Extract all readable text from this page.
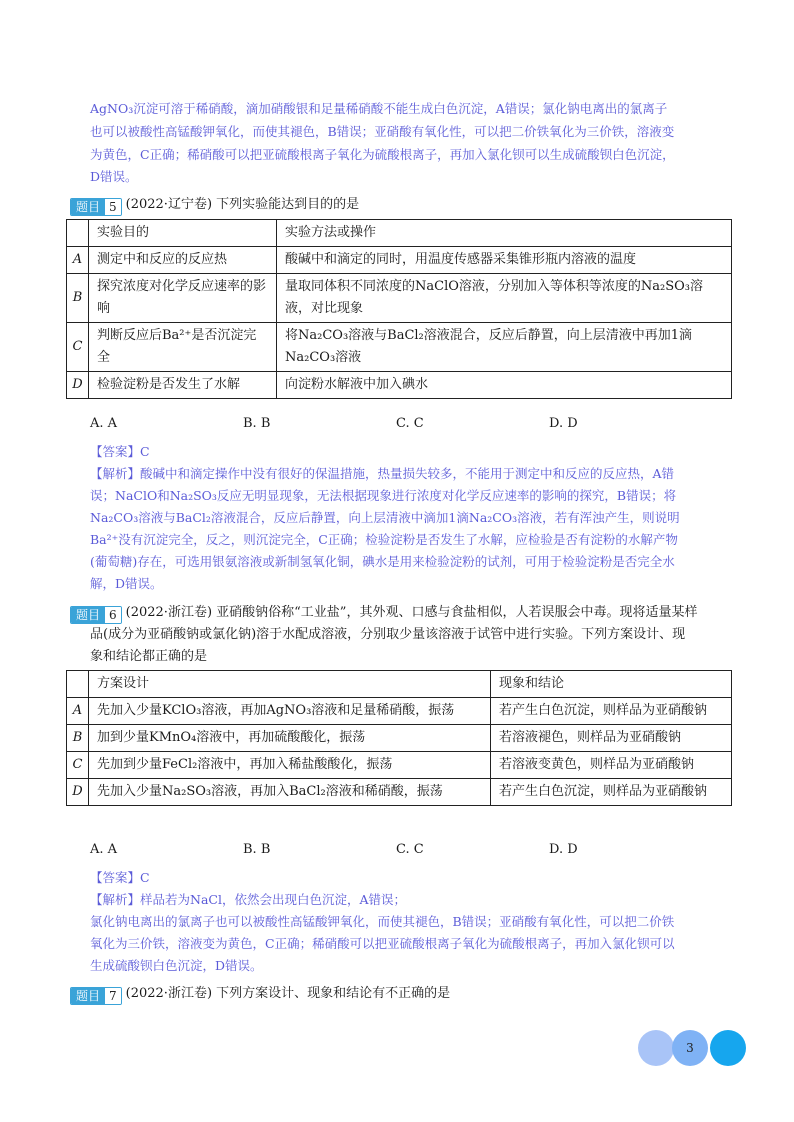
AgNO₃沉淀可溶于稀硝酸，滴加硝酸银和足量稀硝酸不能生成白色沉淀，A错误；氯化钠电离出的氯离子
也可以被酸性高锰酸钾氧化，而使其褪色，B错误；亚硝酸有氧化性，可以把二价铁氧化为三价铁，溶液变
为黄色，C正确；稀硝酸可以把亚硫酸根离子氧化为硫酸根离子，再加入氯化钡可以生成硫酸钡白色沉淀，
D错误。
题目 5 (2022·辽宁卷) 下列实验能达到目的的是
	实验目的	实验方法或操作
A	测定中和反应的反应热	酸碱中和滴定的同时，用温度传感器采集锥形瓶内溶液的温度
B	探究浓度对化学反应速率的影响	量取同体积不同浓度的NaClO溶液，分别加入等体积等浓度的Na₂SO₃溶液，对比现象
C	判断反应后Ba²⁺是否沉淀完全	将Na₂CO₃溶液与BaCl₂溶液混合，反应后静置，向上层清液中再加1滴Na₂CO₃溶液
D	检验淀粉是否发生了水解	向淀粉水解液中加入碘水
A. A	B. B	C. C	D. D
【答案】C
【解析】酸碱中和滴定操作中没有很好的保温措施，热量损失较多，不能用于测定中和反应的反应热，A错
误；NaClO和Na₂SO₃反应无明显现象，无法根据现象进行浓度对化学反应速率的影响的探究，B错误；将
Na₂CO₃溶液与BaCl₂溶液混合，反应后静置，向上层清液中滴加1滴Na₂CO₃溶液，若有浑浊产生，则说明
Ba²⁺没有沉淀完全，反之，则沉淀完全，C正确；检验淀粉是否发生了水解，应检验是否有淀粉的水解产物
(葡萄糖)存在，可选用银氨溶液或新制氢氧化铜，碘水是用来检验淀粉的试剂，可用于检验淀粉是否完全水
解，D错误。
题目 6 (2022·浙江卷) 亚硝酸钠俗称“工业盐”，其外观、口感与食盐相似，人若误服会中毒。现将适量某样
品(成分为亚硝酸钠或氯化钠)溶于水配成溶液，分别取少量该溶液于试管中进行实验。下列方案设计、现
象和结论都正确的是
	方案设计	现象和结论
A	先加入少量KClO₃溶液，再加AgNO₃溶液和足量稀硝酸，振荡	若产生白色沉淀，则样品为亚硝酸钠
B	加到少量KMnO₄溶液中，再加硫酸酸化，振荡	若溶液褪色，则样品为亚硝酸钠
C	先加到少量FeCl₂溶液中，再加入稀盐酸酸化，振荡	若溶液变黄色，则样品为亚硝酸钠
D	先加入少量Na₂SO₃溶液，再加入BaCl₂溶液和稀硝酸，振荡	若产生白色沉淀，则样品为亚硝酸钠
A. A	B. B	C. C	D. D
【答案】C
【解析】样品若为NaCl，依然会出现白色沉淀，A错误；
氯化钠电离出的氯离子也可以被酸性高锰酸钾氧化，而使其褪色，B错误；亚硝酸有氧化性，可以把二价铁
氧化为三价铁，溶液变为黄色，C正确；稀硝酸可以把亚硫酸根离子氧化为硫酸根离子，再加入氯化钡可以
生成硫酸钡白色沉淀，D错误。
题目 7 (2022·浙江卷) 下列方案设计、现象和结论有不正确的是
3
